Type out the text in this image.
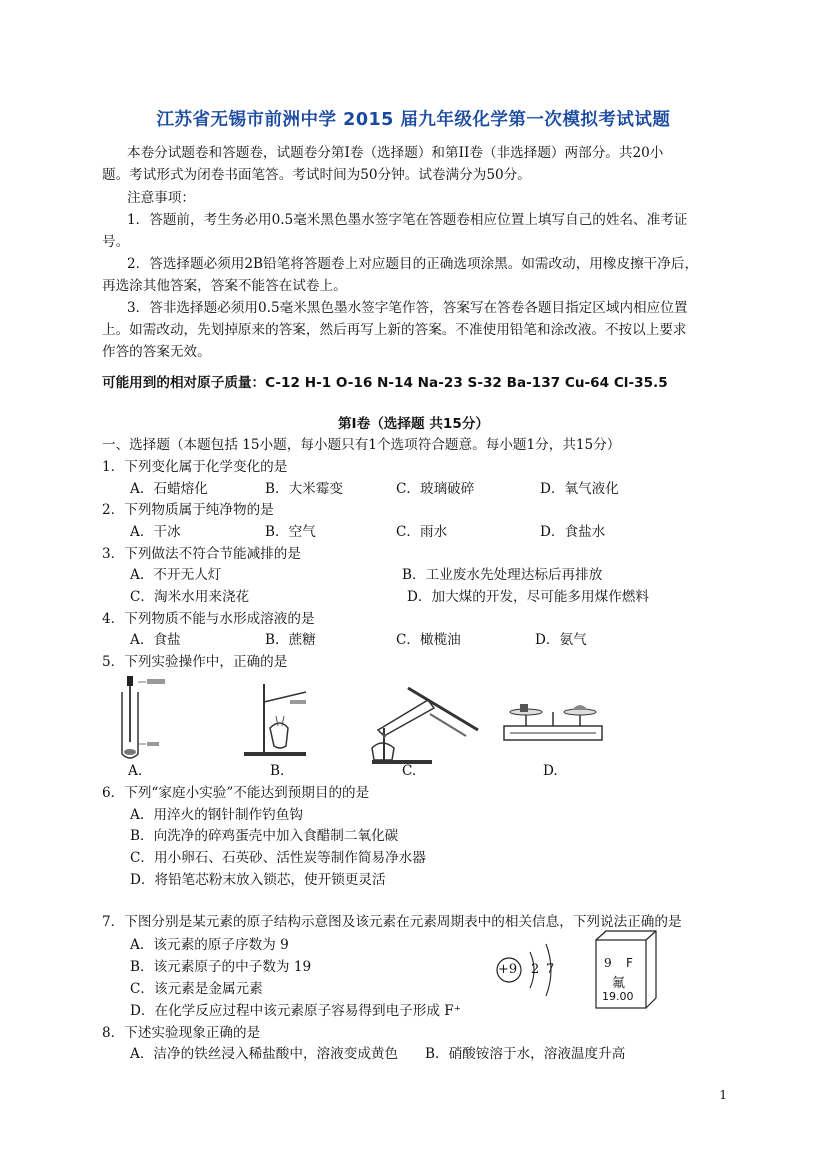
江苏省无锡市前洲中学 2015 届九年级化学第一次模拟考试试题
本卷分试题卷和答题卷，试题卷分第Ⅰ卷（选择题）和第II卷（非选择题）两部分。共20小
题。考试形式为闭卷书面笔答。考试时间为50分钟。试卷满分为50分。
注意事项：
1．答题前，考生务必用0.5毫米黑色墨水签字笔在答题卷相应位置上填写自己的姓名、准考证
号。
2．答选择题必须用2B铅笔将答题卷上对应题目的正确选项涂黑。如需改动，用橡皮擦干净后，
再选涂其他答案，答案不能答在试卷上。
3．答非选择题必须用0.5毫米黑色墨水签字笔作答，答案写在答卷各题目指定区域内相应位置
上。如需改动，先划掉原来的答案，然后再写上新的答案。不准使用铅笔和涂改液。不按以上要求
作答的答案无效。
可能用到的相对原子质量：C-12 H-1 O-16 N-14 Na-23 S-32 Ba-137 Cu-64 Cl-35.5
第Ⅰ卷（选择题 共15分）
一、选择题（本题包括 15小题，每小题只有1个选项符合题意。每小题1分，共15分）
1．下列变化属于化学变化的是
A．石蜡熔化	B．大米霉变	C．玻璃破碎	D．氧气液化
2．下列物质属于纯净物的是
A．干冰	B．空气	C．雨水	D．食盐水
3．下列做法不符合节能减排的是
A．不开无人灯	B．工业废水先处理达标后再排放
C．淘米水用来浇花	D．加大煤的开发，尽可能多用煤作燃料
4．下列物质不能与水形成溶液的是
A．食盐	B．蔗糖	C．橄榄油	D．氨气
5．下列实验操作中，正确的是
A.	B.	C.	D.
6．下列“家庭小实验”不能达到预期目的的是
A．用淬火的钢针制作钓鱼钩
B．向洗净的碎鸡蛋壳中加入食醋制二氧化碳
C．用小卵石、石英砂、活性炭等制作简易净水器
D．将铅笔芯粉末放入锁芯，使开锁更灵活
7．下图分别是某元素的原子结构示意图及该元素在元素周期表中的相关信息，下列说法正确的是
A．该元素的原子序数为 9
B．该元素原子的中子数为 19
C．该元素是金属元素
D．在化学反应过程中该元素原子容易得到电子形成 F⁺
+9 2 7	9 F
氟
19.00
8．下述实验现象正确的是
A．洁净的铁丝浸入稀盐酸中，溶液变成黄色 B．硝酸铵溶于水，溶液温度升高
1
